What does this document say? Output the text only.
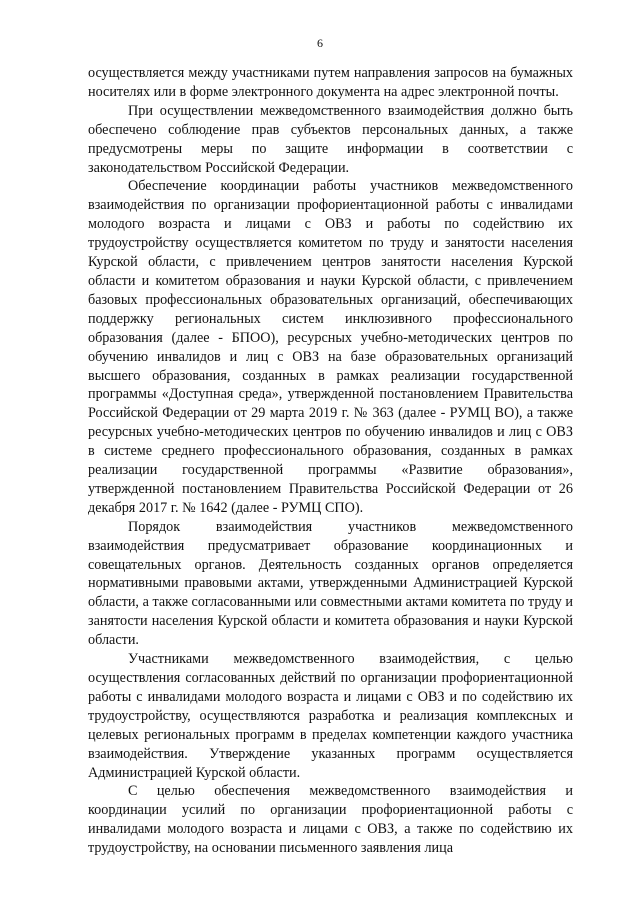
6

осуществляется между участниками путем направления запросов на бумажных носителях или в форме электронного документа на адрес электронной почты.

При осуществлении межведомственного взаимодействия должно быть обеспечено соблюдение прав субъектов персональных данных, а также предусмотрены меры по защите информации в соответствии с законодательством Российской Федерации.

Обеспечение координации работы участников межведомственного взаимодействия по организации профориентационной работы с инвалидами молодого возраста и лицами с ОВЗ и работы по содействию их трудоустройству осуществляется комитетом по труду и занятости населения Курской области, с привлечением центров занятости населения Курской области и комитетом образования и науки Курской области, с привлечением базовых профессиональных образовательных организаций, обеспечивающих поддержку региональных систем инклюзивного профессионального образования (далее - БПОО), ресурсных учебно-методических центров по обучению инвалидов и лиц с ОВЗ на базе образовательных организаций высшего образования, созданных в рамках реализации государственной программы «Доступная среда», утвержденной постановлением Правительства Российской Федерации от 29 марта 2019 г. № 363 (далее - РУМЦ ВО), а также ресурсных учебно-методических центров по обучению инвалидов и лиц с ОВЗ в системе среднего профессионального образования, созданных в рамках реализации государственной программы «Развитие образования», утвержденной постановлением Правительства Российской Федерации от 26 декабря 2017 г. № 1642 (далее - РУМЦ СПО).

Порядок взаимодействия участников межведомственного взаимодействия предусматривает образование координационных и совещательных органов. Деятельность созданных органов определяется нормативными правовыми актами, утвержденными Администрацией Курской области, а также согласованными или совместными актами комитета по труду и занятости населения Курской области и комитета образования и науки Курской области.

Участниками межведомственного взаимодействия, с целью осуществления согласованных действий по организации профориентационной работы с инвалидами молодого возраста и лицами с ОВЗ и по содействию их трудоустройству, осуществляются разработка и реализация комплексных и целевых региональных программ в пределах компетенции каждого участника взаимодействия. Утверждение указанных программ осуществляется Администрацией Курской области.

С целью обеспечения межведомственного взаимодействия и координации усилий по организации профориентационной работы с инвалидами молодого возраста и лицами с ОВЗ, а также по содействию их трудоустройству, на основании письменного заявления лица
